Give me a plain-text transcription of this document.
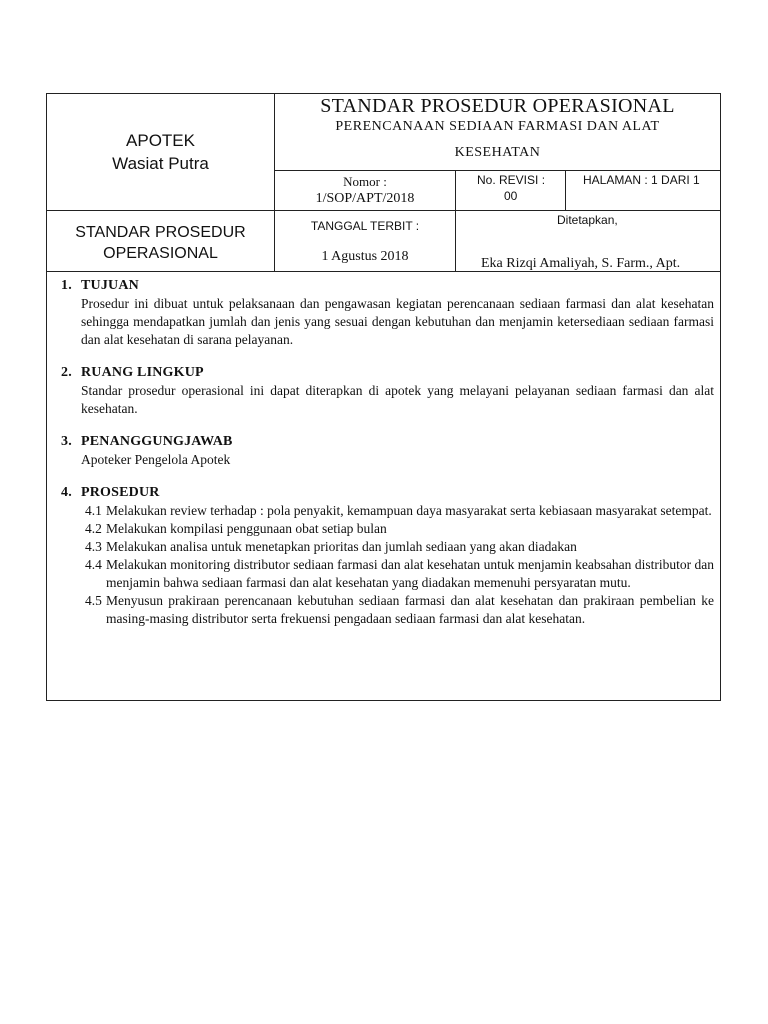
APOTEK
Wasiat Putra
STANDAR PROSEDUR OPERASIONAL
PERENCANAAN SEDIAAN FARMASI DAN ALAT
KESEHATAN
Nomor :
1/SOP/APT/2018
No. REVISI :
00
HALAMAN : 1 DARI 1
STANDAR PROSEDUR
OPERASIONAL
TANGGAL TERBIT :
1 Agustus 2018
Ditetapkan,
Eka Rizqi Amaliyah, S. Farm., Apt.
1. TUJUAN
Prosedur ini dibuat untuk pelaksanaan dan pengawasan kegiatan perencanaan sediaan farmasi dan alat kesehatan sehingga mendapatkan jumlah dan jenis yang sesuai dengan kebutuhan dan menjamin ketersediaan sediaan farmasi dan alat kesehatan di sarana pelayanan.
2. RUANG LINGKUP
Standar prosedur operasional ini dapat diterapkan di apotek yang melayani pelayanan sediaan farmasi dan alat kesehatan.
3. PENANGGUNGJAWAB
Apoteker Pengelola Apotek
4. PROSEDUR
4.1 Melakukan review terhadap : pola penyakit, kemampuan daya masyarakat serta kebiasaan masyarakat setempat.
4.2 Melakukan kompilasi penggunaan obat setiap bulan
4.3 Melakukan analisa untuk menetapkan prioritas dan jumlah sediaan yang akan diadakan
4.4 Melakukan monitoring distributor sediaan farmasi dan alat kesehatan untuk menjamin keabsahan distributor dan menjamin bahwa sediaan farmasi dan alat kesehatan yang diadakan memenuhi persyaratan mutu.
4.5 Menyusun prakiraan perencanaan kebutuhan sediaan farmasi dan alat kesehatan dan prakiraan pembelian ke masing-masing distributor serta frekuensi pengadaan sediaan farmasi dan alat kesehatan.
